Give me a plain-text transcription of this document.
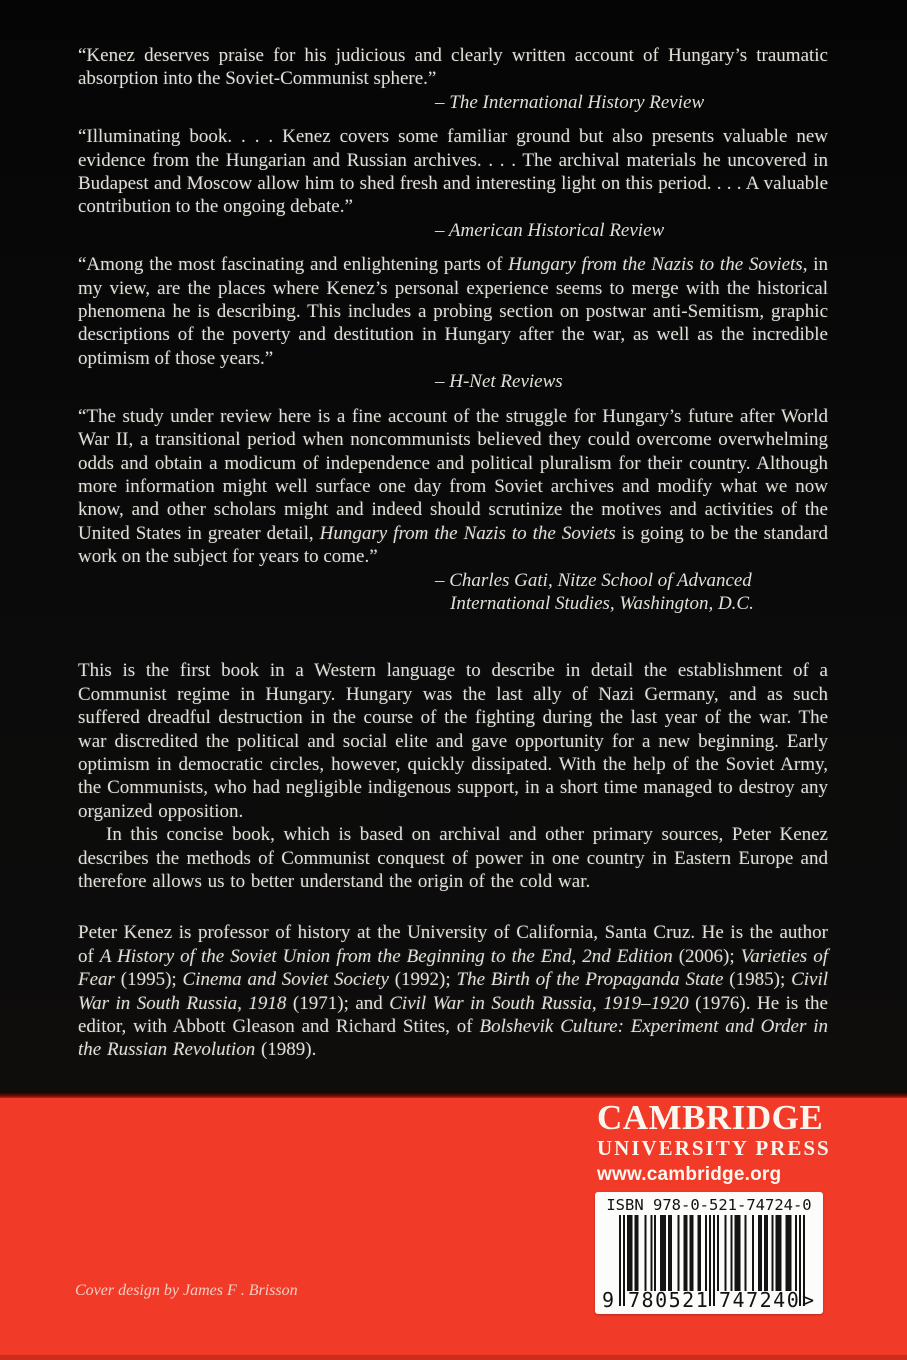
“Kenez deserves praise for his judicious and clearly written account of Hungary’s traumatic absorption into the Soviet-Communist sphere.”

– The International History Review

“Illuminating book. . . . Kenez covers some familiar ground but also presents valuable new evidence from the Hungarian and Russian archives. . . . The archival materials he uncovered in Budapest and Moscow allow him to shed fresh and interesting light on this period. . . . A valuable contribution to the ongoing debate.”

– American Historical Review

“Among the most fascinating and enlightening parts of Hungary from the Nazis to the Soviets, in my view, are the places where Kenez’s personal experience seems to merge with the historical phenomena he is describing. This includes a probing section on postwar anti-Semitism, graphic descriptions of the poverty and destitution in Hungary after the war, as well as the incredible optimism of those years.”

– H-Net Reviews

“The study under review here is a fine account of the struggle for Hungary’s future after World War II, a transitional period when noncommunists believed they could overcome overwhelming odds and obtain a modicum of independence and political pluralism for their country. Although more information might well surface one day from Soviet archives and modify what we now know, and other scholars might and indeed should scrutinize the motives and activities of the United States in greater detail, Hungary from the Nazis to the Soviets is going to be the standard work on the subject for years to come.”

– Charles Gati, Nitze School of Advanced
International Studies, Washington, D.C.

This is the first book in a Western language to describe in detail the establishment of a Communist regime in Hungary. Hungary was the last ally of Nazi Germany, and as such suffered dreadful destruction in the course of the fighting during the last year of the war. The war discredited the political and social elite and gave opportunity for a new beginning. Early optimism in democratic circles, however, quickly dissipated. With the help of the Soviet Army, the Communists, who had negligible indigenous support, in a short time managed to destroy any organized opposition.

In this concise book, which is based on archival and other primary sources, Peter Kenez describes the methods of Communist conquest of power in one country in Eastern Europe and therefore allows us to better understand the origin of the cold war.

Peter Kenez is professor of history at the University of California, Santa Cruz. He is the author of A History of the Soviet Union from the Beginning to the End, 2nd Edition (2006); Varieties of Fear (1995); Cinema and Soviet Society (1992); The Birth of the Propaganda State (1985); Civil War in South Russia, 1918 (1971); and Civil War in South Russia, 1919–1920 (1976). He is the editor, with Abbott Gleason and Richard Stites, of Bolshevik Culture: Experiment and Order in the Russian Revolution (1989).
CAMBRIDGE
UNIVERSITY PRESS
www.cambridge.org
ISBN 978-0-521-74724-0
9 780521 747240 >
Cover design by James F . Brisson
